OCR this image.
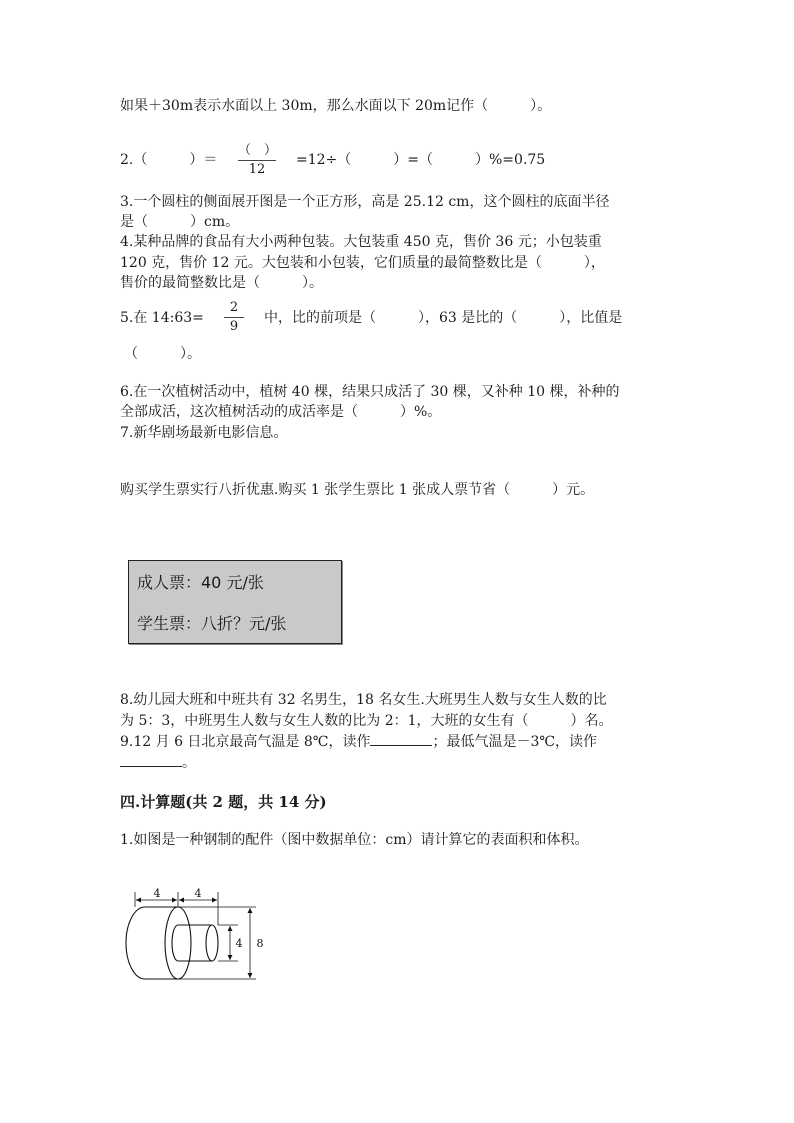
如果＋30m表示水面以上 30m，那么水面以下 20m记作（　　　）。
2.（　　　）＝
（　）
12
=12÷（　　　）=（　　　）%=0.75
3.一个圆柱的侧面展开图是一个正方形，高是 25.12 cm，这个圆柱的底面半径
是（　　　）cm。
4.某种品牌的食品有大小两种包装。大包装重 450 克，售价 36 元；小包装重
120 克，售价 12 元。大包装和小包装，它们质量的最简整数比是（　　　），
售价的最简整数比是（　　　）。
5.在 14:63=
2
9
中，比的前项是（　　　），63 是比的（　　　），比值是
（　　　）。
6.在一次植树活动中，植树 40 棵，结果只成活了 30 棵，又补种 10 棵，补种的
全部成活，这次植树活动的成活率是（　　　）%。
7.新华剧场最新电影信息。
购买学生票实行八折优惠.购买 1 张学生票比 1 张成人票节省（　　　）元。
成人票：40 元/张
学生票：八折？元/张
8.幼儿园大班和中班共有 32 名男生，18 名女生.大班男生人数与女生人数的比
为 5：3，中班男生人数与女生人数的比为 2：1，大班的女生有（　　　）名。
9.12 月 6 日北京最高气温是 8℃，读作	；最低气温是－3℃，读作
。
四.计算题(共 2 题，共 14 分)
1.如图是一种钢制的配件（图中数据单位：cm）请计算它的表面积和体积。
4	4
4 8
